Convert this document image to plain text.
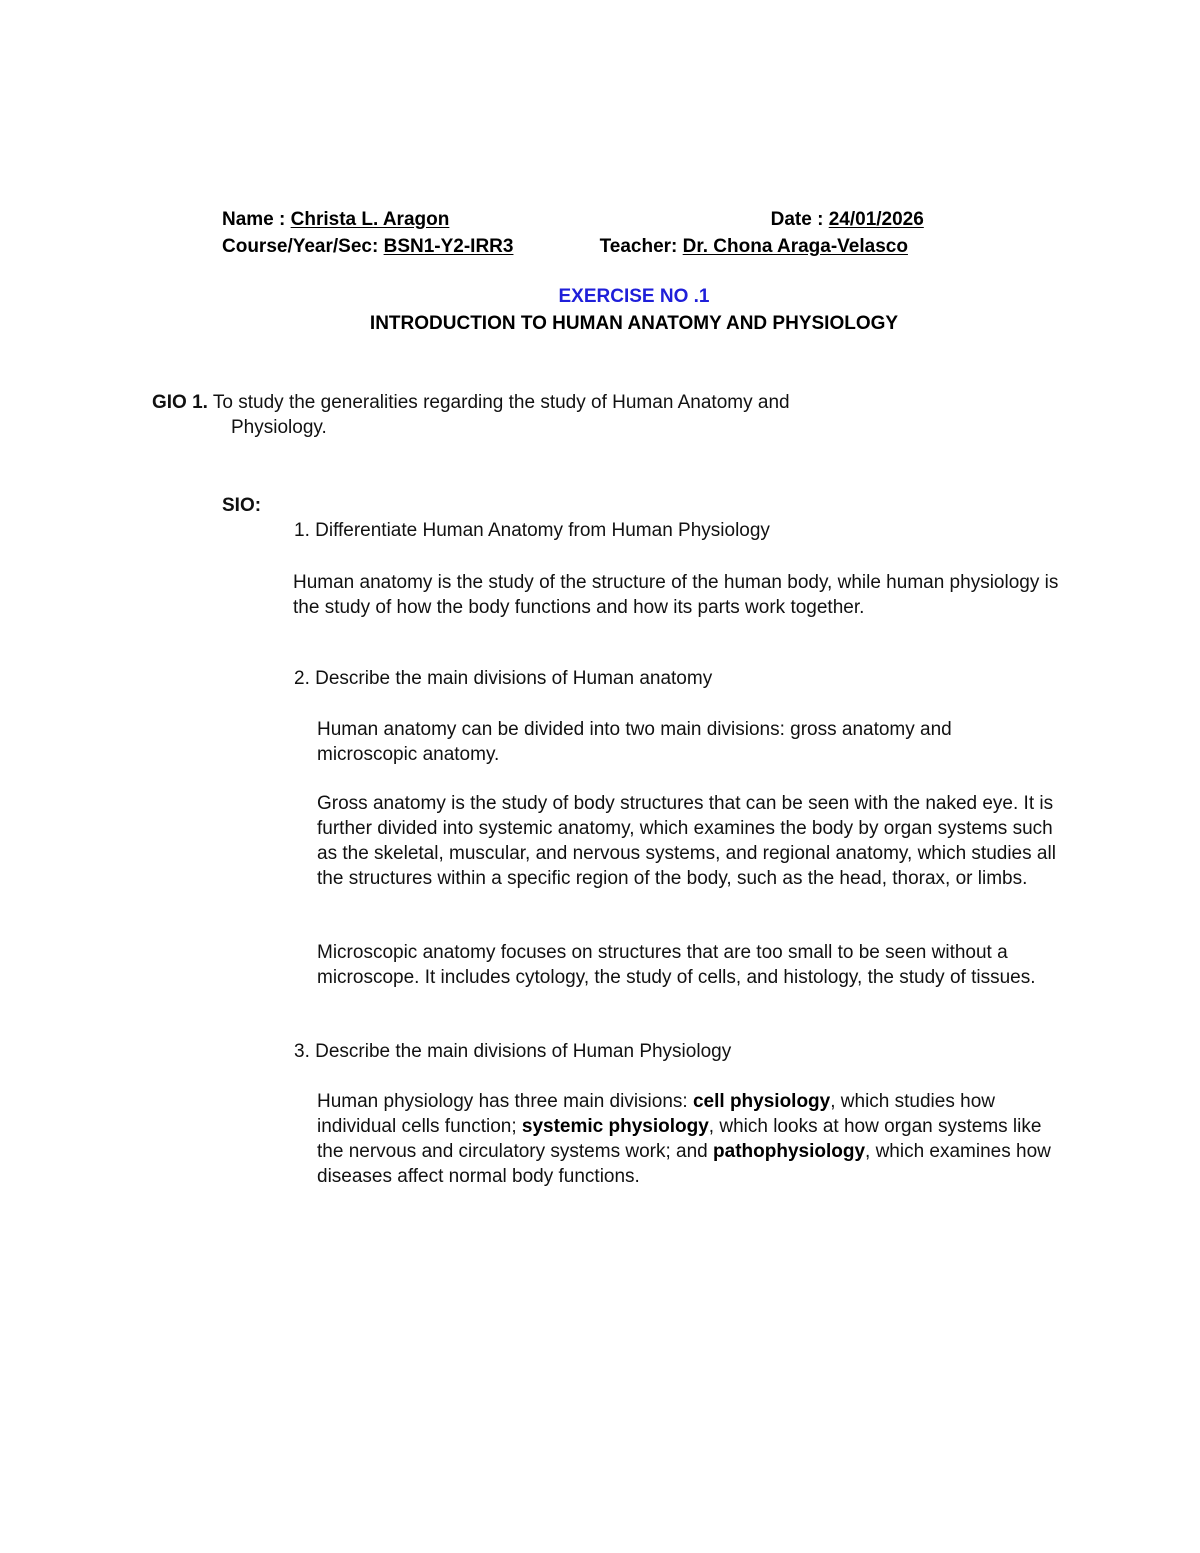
Name : Christa L. Aragon	Date : 24/01/2026
Course/Year/Sec: BSN1-Y2-IRR3	Teacher: Dr. Chona Araga-Velasco
EXERCISE NO .1
INTRODUCTION TO HUMAN ANATOMY AND PHYSIOLOGY
GIO 1. To study the generalities regarding the study of Human Anatomy and
Physiology.
SIO:
1. Differentiate Human Anatomy from Human Physiology
Human anatomy is the study of the structure of the human body, while human physiology is the study of how the body functions and how its parts work together.
2. Describe the main divisions of Human anatomy
Human anatomy can be divided into two main divisions: gross anatomy and microscopic anatomy.
Gross anatomy is the study of body structures that can be seen with the naked eye. It is further divided into systemic anatomy, which examines the body by organ systems such as the skeletal, muscular, and nervous systems, and regional anatomy, which studies all the structures within a specific region of the body, such as the head, thorax, or limbs.
Microscopic anatomy focuses on structures that are too small to be seen without a microscope. It includes cytology, the study of cells, and histology, the study of tissues.
3. Describe the main divisions of Human Physiology
Human physiology has three main divisions: cell physiology, which studies how individual cells function; systemic physiology, which looks at how organ systems like the nervous and circulatory systems work; and pathophysiology, which examines how diseases affect normal body functions.
